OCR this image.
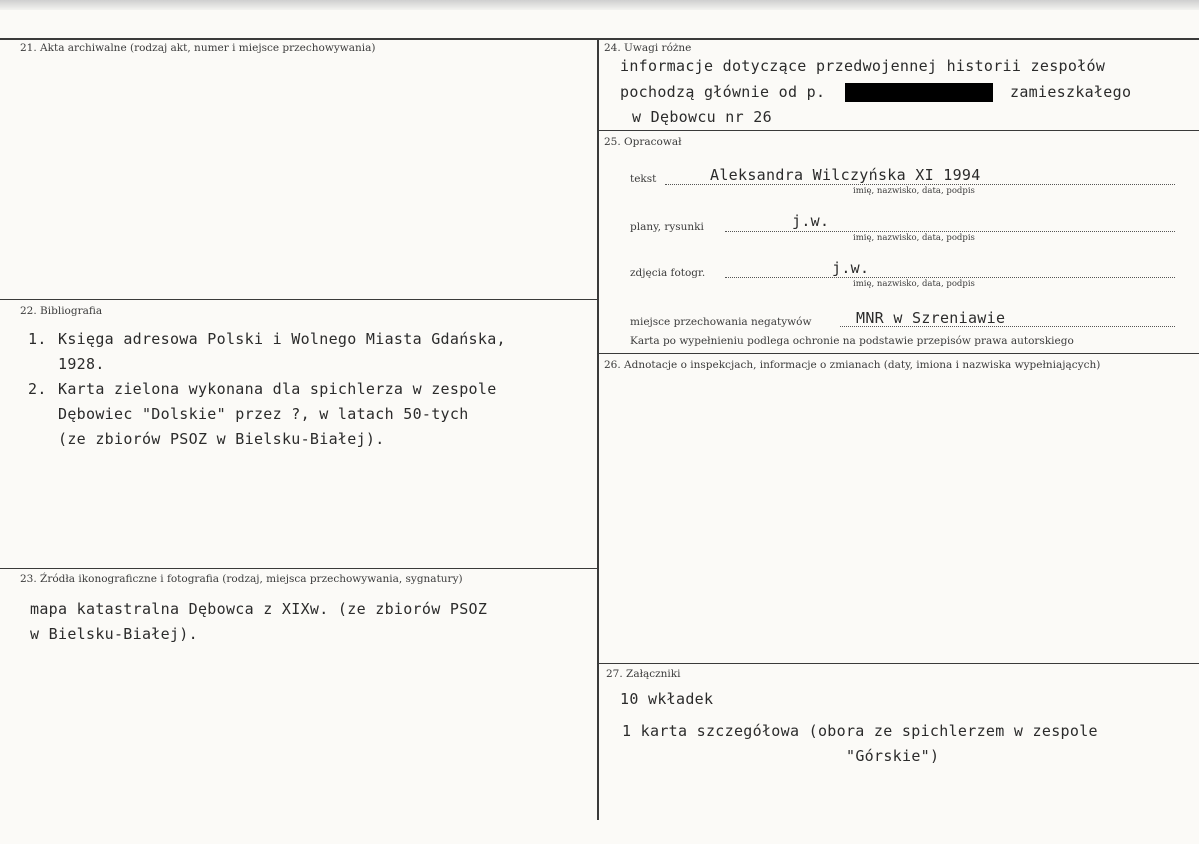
21. Akta archiwalne (rodzaj akt, numer i miejsce przechowywania)
22. Bibliografia
1. Księga adresowa Polski i Wolnego Miasta Gdańska,
1928.
2. Karta zielona wykonana dla spichlerza w zespole
Dębowiec "Dolskie" przez ?, w latach 50-tych
(ze zbiorów PSOZ w Bielsku-Białej).
23. Źródła ikonograficzne i fotografia (rodzaj, miejsca przechowywania, sygnatury)
mapa katastralna Dębowca z XIXw. (ze zbiorów PSOZ
w Bielsku-Białej).
24. Uwagi różne
informacje dotyczące przedwojennej historii zespołów
pochodzą głównie od p.	zamieszkałego
w Dębowcu nr 26
25. Opracował
tekst	Aleksandra Wilczyńska XI 1994
imię, nazwisko, data, podpis
plany, rysunki	j.w.
imię, nazwisko, data, podpis
zdjęcia fotogr.	j.w.
imię, nazwisko, data, podpis
miejsce przechowania negatywów	MNR w Szreniawie
Karta po wypełnieniu podlega ochronie na podstawie przepisów prawa autorskiego
26. Adnotacje o inspekcjach, informacje o zmianach (daty, imiona i nazwiska wypełniających)
27. Załączniki
10 wkładek
1 karta szczegółowa (obora ze spichlerzem w zespole
"Górskie")
